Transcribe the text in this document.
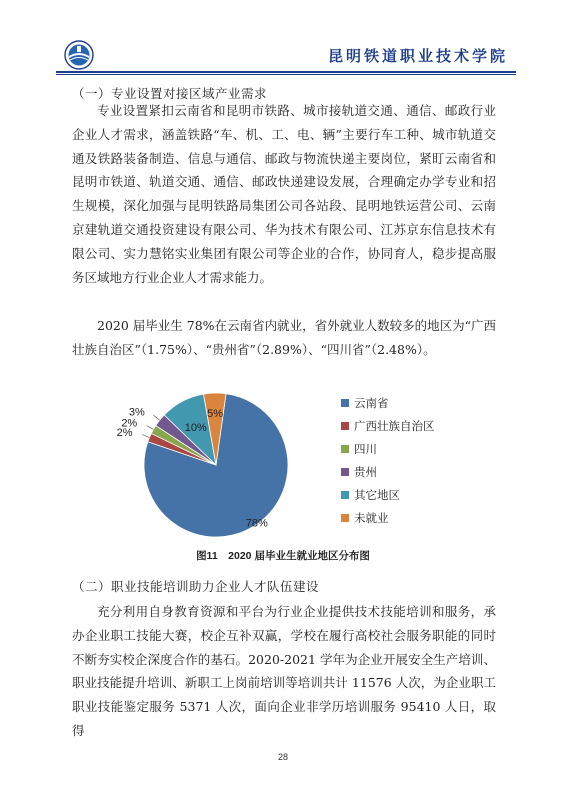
昆明铁道职业技术学院
（一）专业设置对接区域产业需求

专业设置紧扣云南省和昆明市铁路、城市接轨道交通、通信、邮政行业企业人才需求，涵盖铁路“车、机、工、电、辆”主要行车工种、城市轨道交通及铁路装备制造、信息与通信、邮政与物流快递主要岗位，紧盯云南省和昆明市铁道、轨道交通、通信、邮政快递建设发展，合理确定办学专业和招生规模，深化加强与昆明铁路局集团公司各站段、昆明地铁运营公司、云南京建轨道交通投资建设有限公司、华为技术有限公司、江苏京东信息技术有限公司、实力慧铭实业集团有限公司等企业的合作，协同育人，稳步提高服务区域地方行业企业人才需求能力。

2020 届毕业生 78%在云南省内就业，省外就业人数较多的地区为“广西壮族自治区”（1.75%）、“贵州省”（2.89%）、“四川省”（2.48%）。

78%
2%
2%
3%
10%
5%
云南省
广西壮族自治区
四川
贵州
其它地区
未就业
图11　2020 届毕业生就业地区分布图
（二）职业技能培训助力企业人才队伍建设

充分利用自身教育资源和平台为行业企业提供技术技能培训和服务，承办企业职工技能大赛，校企互补双赢，学校在履行高校社会服务职能的同时不断夯实校企深度合作的基石。2020-2021 学年为企业开展安全生产培训、职业技能提升培训、新职工上岗前培训等培训共计 11576 人次，为企业职工职业技能鉴定服务 5371 人次，面向企业非学历培训服务 95410 人日，取得

28
